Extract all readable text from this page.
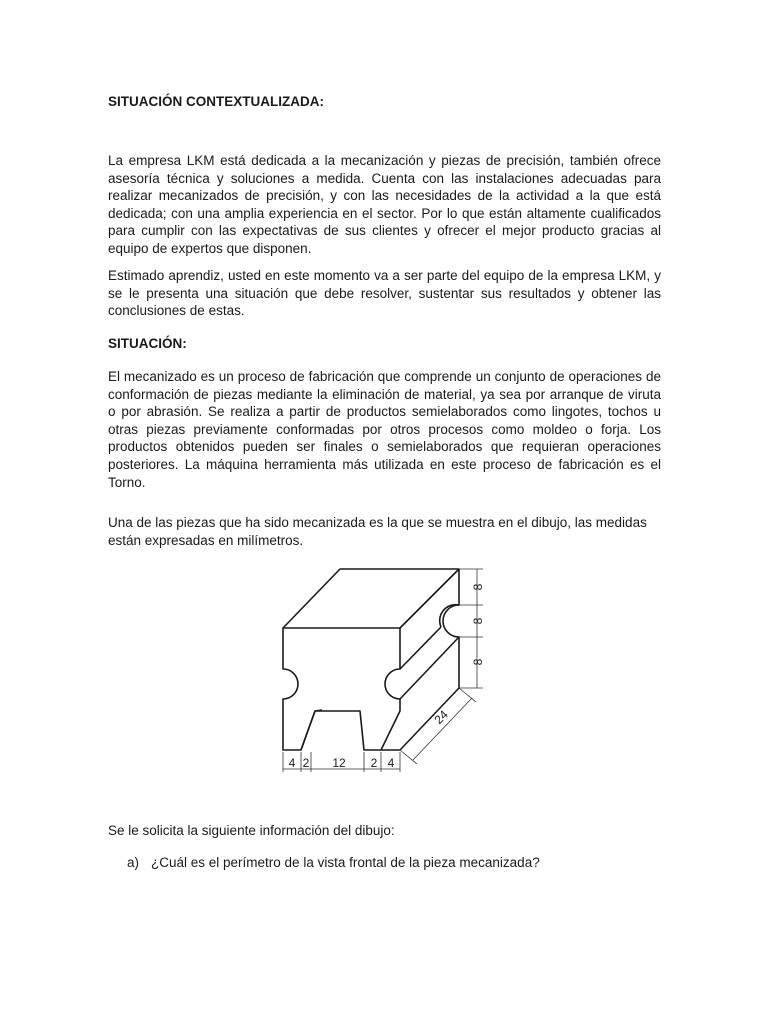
SITUACIÓN CONTEXTUALIZADA:

La empresa LKM está dedicada a la mecanización y piezas de precisión, también ofrece asesoría técnica y soluciones a medida. Cuenta con las instalaciones adecuadas para realizar mecanizados de precisión, y con las necesidades de la actividad a la que está dedicada; con una amplia experiencia en el sector. Por lo que están altamente cualificados para cumplir con las expectativas de sus clientes y ofrecer el mejor producto gracias al equipo de expertos que disponen.

Estimado aprendiz, usted en este momento va a ser parte del equipo de la empresa LKM, y se le presenta una situación que debe resolver, sustentar sus resultados y obtener las conclusiones de estas.

SITUACIÓN:

El mecanizado es un proceso de fabricación que comprende un conjunto de operaciones de conformación de piezas mediante la eliminación de material, ya sea por arranque de viruta o por abrasión. Se realiza a partir de productos semielaborados como lingotes, tochos u otras piezas previamente conformadas por otros procesos como moldeo o forja. Los productos obtenidos pueden ser finales o semielaborados que requieran operaciones posteriores. La máquina herramienta más utilizada en este proceso de fabricación es el Torno.

Una de las piezas que ha sido mecanizada es la que se muestra en el dibujo, las medidas están expresadas en milímetros.

8
8
8
24
4 2 12 2 4

Se le solicita la siguiente información del dibujo:

a) ¿Cuál es el perímetro de la vista frontal de la pieza mecanizada?
